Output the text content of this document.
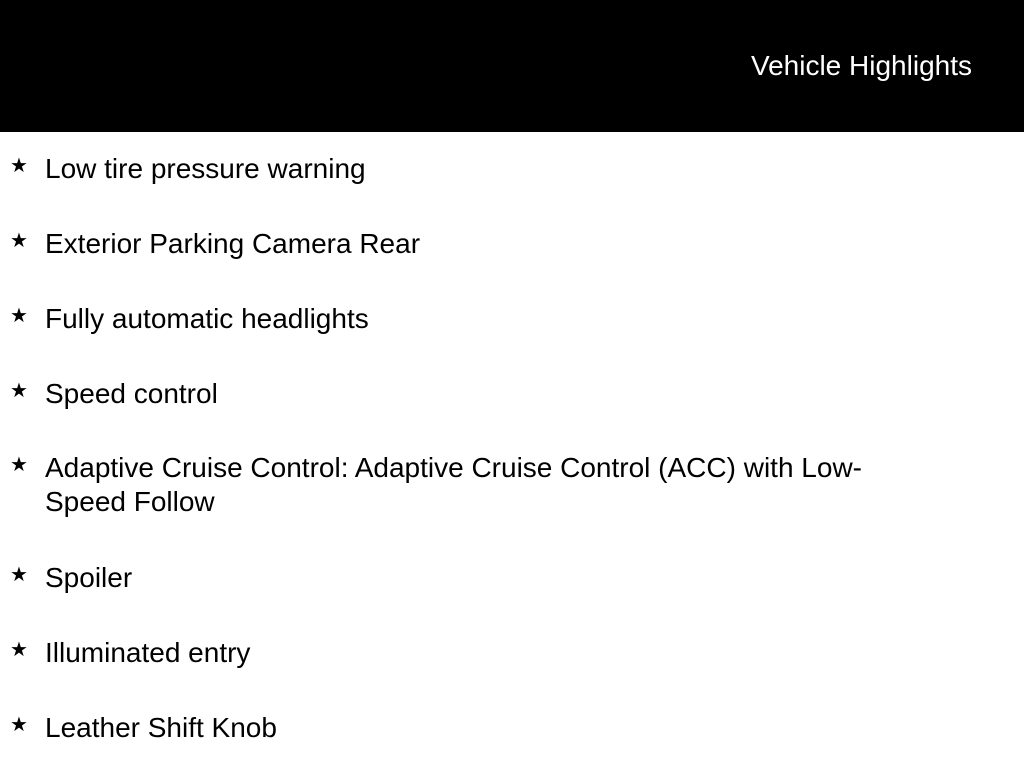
Vehicle Highlights
★ Low tire pressure warning
★ Exterior Parking Camera Rear
★ Fully automatic headlights
★ Speed control
★ Adaptive Cruise Control: Adaptive Cruise Control (ACC) with Low-Speed Follow
★ Spoiler
★ Illuminated entry
★ Leather Shift Knob
